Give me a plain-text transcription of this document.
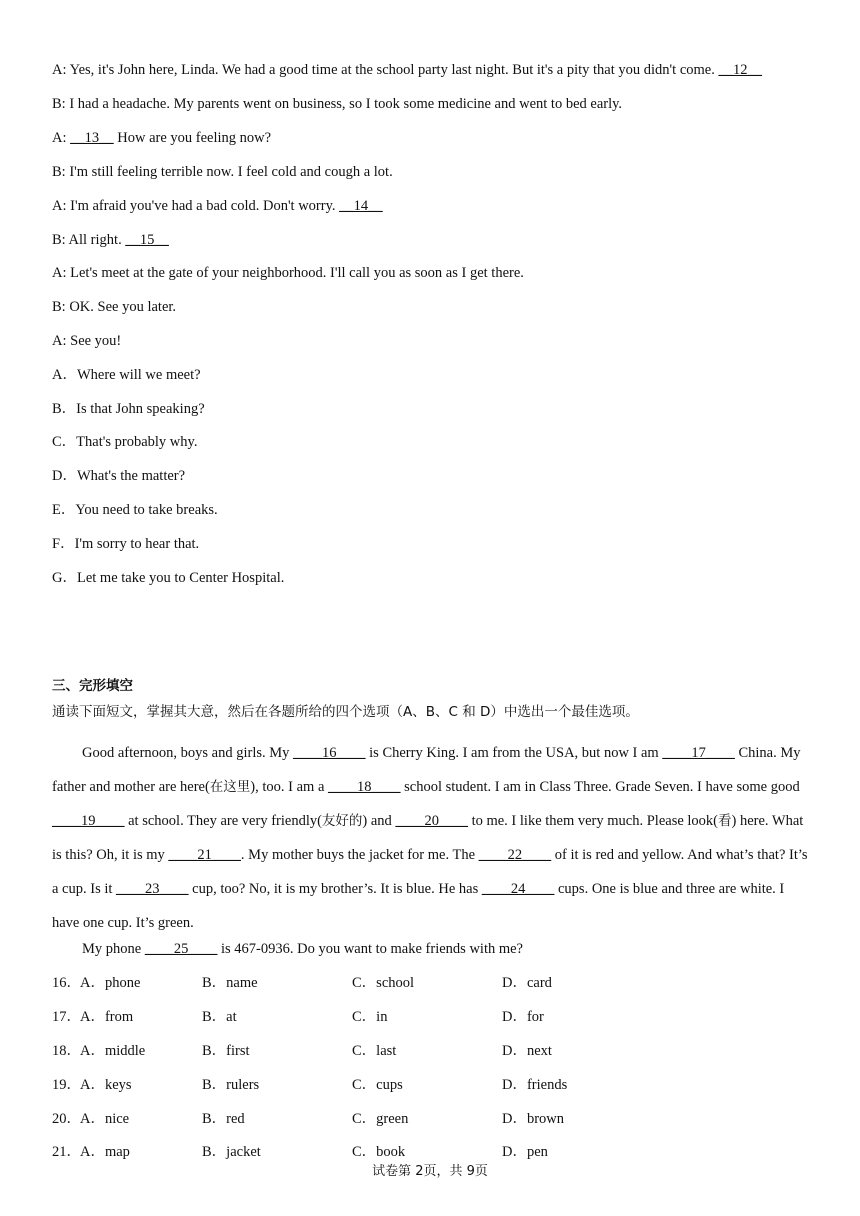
A: Yes, it's John here, Linda. We had a good time at the school party last night. But it's a pity that you didn't come. __12__
B: I had a headache. My parents went on business, so I took some medicine and went to bed early.
A: __13__ How are you feeling now?
B: I'm still feeling terrible now. I feel cold and cough a lot.
A: I'm afraid you've had a bad cold. Don't worry. __14__
B: All right. __15__
A: Let's meet at the gate of your neighborhood. I'll call you as soon as I get there.
B: OK. See you later.
A: See you!
A．Where will we meet?
B．Is that John speaking?
C．That's probably why.
D．What's the matter?
E．You need to take breaks.
F．I'm sorry to hear that.
G．Let me take you to Center Hospital.
三、完形填空
通读下面短文，掌握其大意，然后在各题所给的四个选项（A、B、C 和 D）中选出一个最佳选项。
Good afternoon, boys and girls. My ____16____ is Cherry King. I am from the USA, but now I am ____17____ China. My father and mother are here(在这里), too. I am a ____18____ school student. I am in Class Three. Grade Seven. I have some good ____19____ at school. They are very friendly(友好的) and ____20____ to me. I like them very much. Please look(看) here. What is this? Oh, it is my ____21____. My mother buys the jacket for me. The ____22____ of it is red and yellow. And what’s that? It’s a cup. Is it ____23____ cup, too? No, it is my brother’s. It is blue. He has ____24____ cups. One is blue and three are white. I have one cup. It’s green.
My phone ____25____ is 467-0936. Do you want to make friends with me?
16． A．phone	B．name	C．school	D．card
17． A．from	B．at	C．in	D．for
18． A．middle	B．first	C．last	D．next
19． A．keys	B．rulers	C．cups	D．friends
20． A．nice	B．red	C．green	D．brown
21． A．map	B．jacket	C．book	D．pen
试卷第 2页，共 9页
